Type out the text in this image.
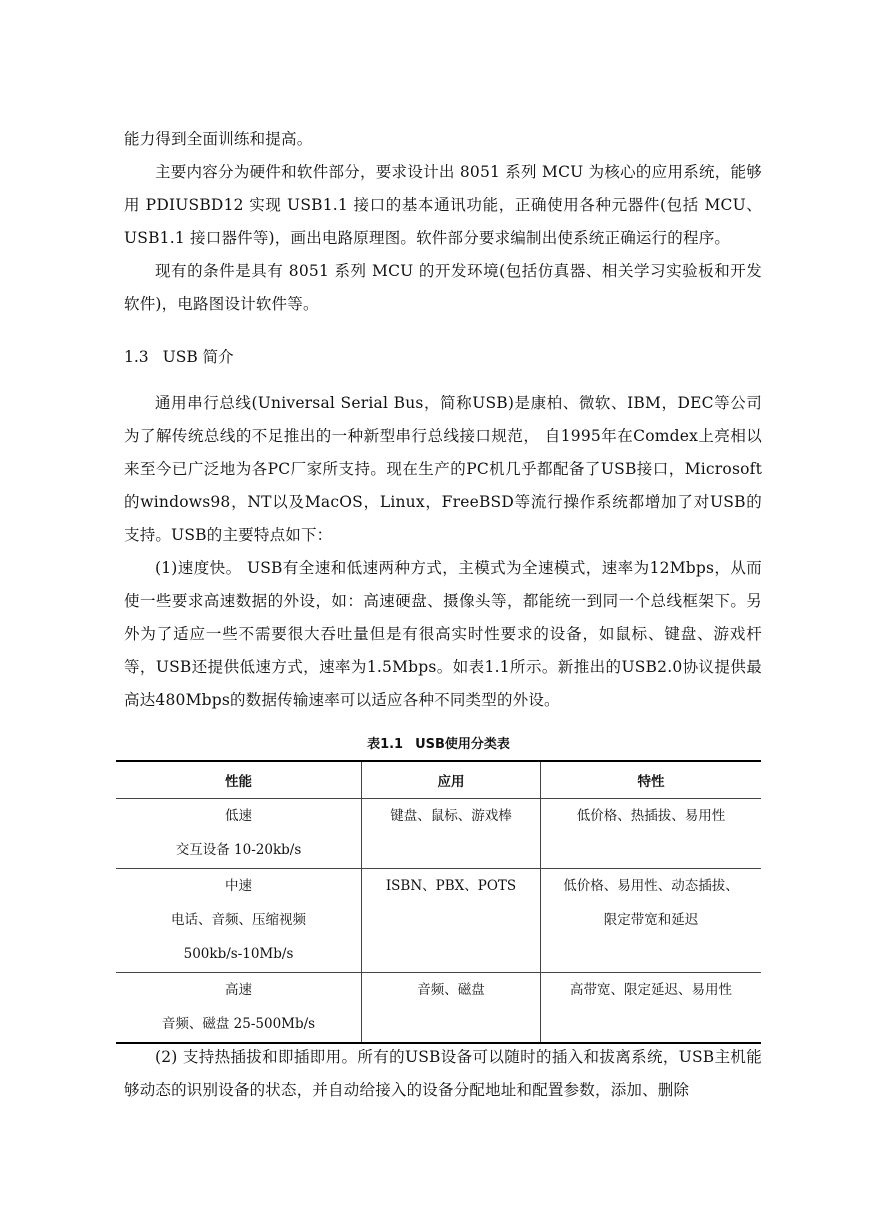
能力得到全面训练和提高。

主要内容分为硬件和软件部分，要求设计出 8051 系列 MCU 为核心的应用系统，能够用 PDIUSBD12 实现 USB1.1 接口的基本通讯功能，正确使用各种元器件(包括 MCU、USB1.1 接口器件等)，画出电路原理图。软件部分要求编制出使系统正确运行的程序。

现有的条件是具有 8051 系列 MCU 的开发环境(包括仿真器、相关学习实验板和开发软件)，电路图设计软件等。

1.3 USB 简介

通用串行总线(Universal Serial Bus，简称USB)是康柏、微软、IBM，DEC等公司为了解传统总线的不足推出的一种新型串行总线接口规范， 自1995年在Comdex上亮相以来至今已广泛地为各PC厂家所支持。现在生产的PC机几乎都配备了USB接口，Microsoft的windows98，NT以及MacOS，Linux，FreeBSD等流行操作系统都增加了对USB的支持。USB的主要特点如下：

(1)速度快。 USB有全速和低速两种方式，主模式为全速模式，速率为12Mbps，从而使一些要求高速数据的外设，如：高速硬盘、摄像头等，都能统一到同一个总线框架下。另外为了适应一些不需要很大吞吐量但是有很高实时性要求的设备，如鼠标、键盘、游戏杆等，USB还提供低速方式，速率为1.5Mbps。如表1.1所示。新推出的USB2.0协议提供最高达480Mbps的数据传输速率可以适应各种不同类型的外设。

表1.1 USB使用分类表
性能	应用	特性

低速
交互设备 10-20kb/s	键盘、鼠标、游戏棒	低价格、热插拔、易用性

中速
电话、音频、压缩视频
500kb/s-10Mb/s	ISBN、PBX、POTS	低价格、易用性、动态插拔、
限定带宽和延迟

高速
音频、磁盘 25-500Mb/s	音频、磁盘	高带宽、限定延迟、易用性

(2) 支持热插拔和即插即用。所有的USB设备可以随时的插入和拔离系统，USB主机能够动态的识别设备的状态，并自动给接入的设备分配地址和配置参数，添加、删除
